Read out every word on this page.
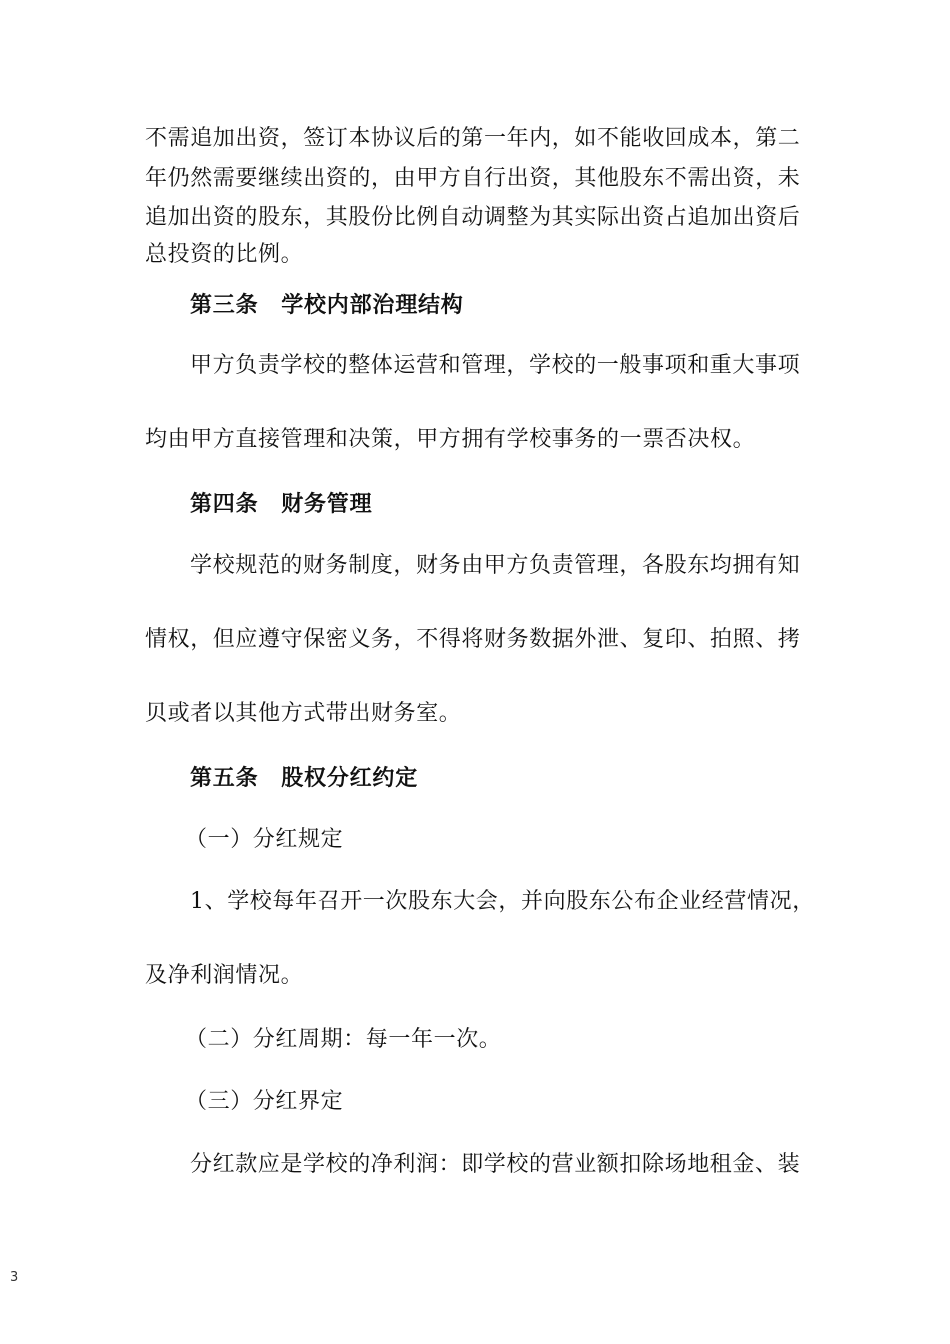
不需追加出资，签订本协议后的第一年内，如不能收回成本，第二
年仍然需要继续出资的，由甲方自行出资，其他股东不需出资，未
追加出资的股东，其股份比例自动调整为其实际出资占追加出资后
总投资的比例。
第三条　学校内部治理结构
甲方负责学校的整体运营和管理，学校的一般事项和重大事项
均由甲方直接管理和决策，甲方拥有学校事务的一票否决权。
第四条　财务管理
学校规范的财务制度，财务由甲方负责管理，各股东均拥有知
情权，但应遵守保密义务，不得将财务数据外泄、复印、拍照、拷
贝或者以其他方式带出财务室。
第五条　股权分红约定
（一）分红规定
1、学校每年召开一次股东大会，并向股东公布企业经营情况，
及净利润情况。
（二）分红周期：每一年一次。
（三）分红界定
分红款应是学校的净利润：即学校的营业额扣除场地租金、装
3
